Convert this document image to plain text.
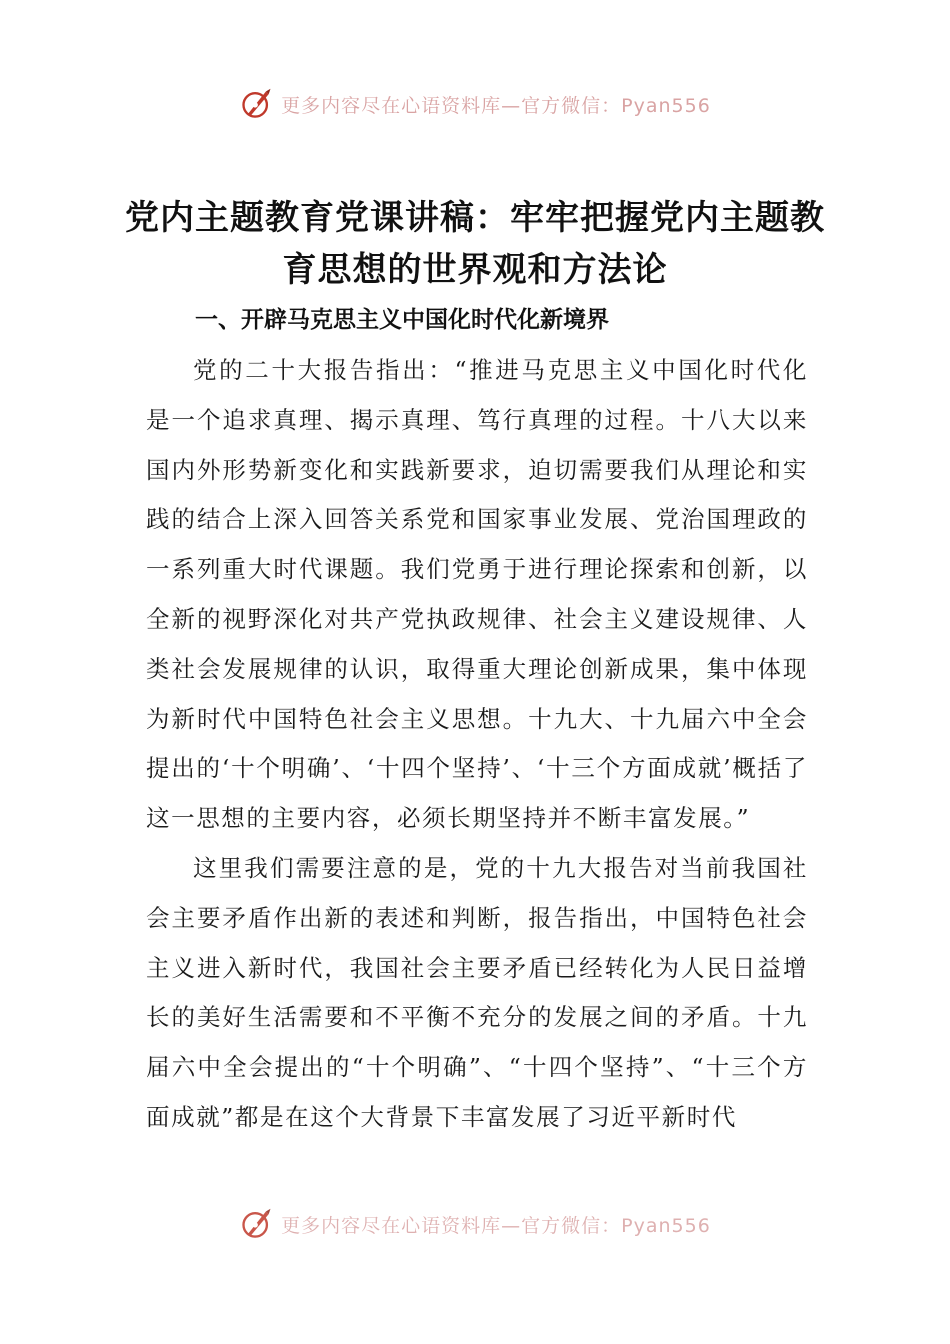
更多内容尽在心语资料库—官方微信：Pyan556
党内主题教育党课讲稿：牢牢把握党内主题教育思想的世界观和方法论
一、开辟马克思主义中国化时代化新境界

党的二十大报告指出：“推进马克思主义中国化时代化是一个追求真理、揭示真理、笃行真理的过程。十八大以来国内外形势新变化和实践新要求，迫切需要我们从理论和实践的结合上深入回答关系党和国家事业发展、党治国理政的一系列重大时代课题。我们党勇于进行理论探索和创新，以全新的视野深化对共产党执政规律、社会主义建设规律、人类社会发展规律的认识，取得重大理论创新成果，集中体现为新时代中国特色社会主义思想。十九大、十九届六中全会提出的‘十个明确’、‘十四个坚持’、‘十三个方面成就’概括了这一思想的主要内容，必须长期坚持并不断丰富发展。”

这里我们需要注意的是，党的十九大报告对当前我国社会主要矛盾作出新的表述和判断，报告指出，中国特色社会主义进入新时代，我国社会主要矛盾已经转化为人民日益增长的美好生活需要和不平衡不充分的发展之间的矛盾。十九届六中全会提出的“十个明确”、“十四个坚持”、“十三个方面成就”都是在这个大背景下丰富发展了习近平新时代

更多内容尽在心语资料库—官方微信：Pyan556
